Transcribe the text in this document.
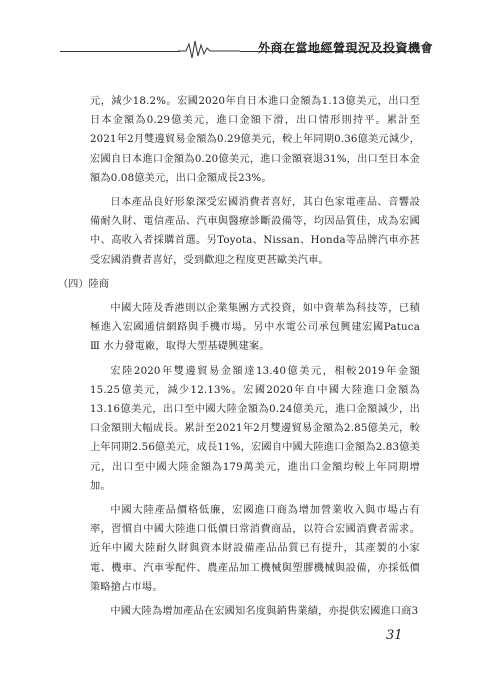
外商在當地經營現況及投資機會

元，減少18.2%。宏國2020年自日本進口金額為1.13億美元，出口至日本金額為0.29億美元，進口金額下滑，出口情形則持平。累計至2021年2月雙邊貿易金額為0.29億美元，較上年同期0.36億美元減少，宏國自日本進口金額為0.20億美元，進口金額衰退31%，出口至日本金額為0.08億美元，出口金額成長23%。

日本產品良好形象深受宏國消費者喜好，其白色家電產品、音響設備耐久財、電信產品、汽車與醫療診斷設備等，均因品質佳，成為宏國中、高收入者採購首選。另Toyota、Nissan、Honda等品牌汽車亦甚受宏國消費者喜好，受到歡迎之程度更甚歐美汽車。

（四）陸商

中國大陸及香港則以企業集團方式投資，如中資華為科技等，已積極進入宏國通信網路與手機市場。另中水電公司承包興建宏國Patuca Ⅲ 水力發電廠，取得大型基礎興建案。

宏陸2020年雙邊貿易金額達13.40億美元，相較2019年金額15.25億美元，減少12.13%。宏國2020年自中國大陸進口金額為13.16億美元，出口至中國大陸金額為0.24億美元，進口金額減少，出口金額則大幅成長。累計至2021年2月雙邊貿易金額為2.85億美元，較上年同期2.56億美元，成長11%，宏國自中國大陸進口金額為2.83億美元，出口至中國大陸金額為179萬美元，進出口金額均較上年同期增加。

中國大陸產品價格低廉，宏國進口商為增加營業收入與市場占有率，習慣自中國大陸進口低價日常消費商品，以符合宏國消費者需求。近年中國大陸耐久財與資本財設備產品品質已有提升，其產製的小家電、機車、汽車零配件、農產品加工機械與塑膠機械與設備，亦採低價策略搶占市場。

中國大陸為增加產品在宏國知名度與銷售業績，亦提供宏國進口商3

31
